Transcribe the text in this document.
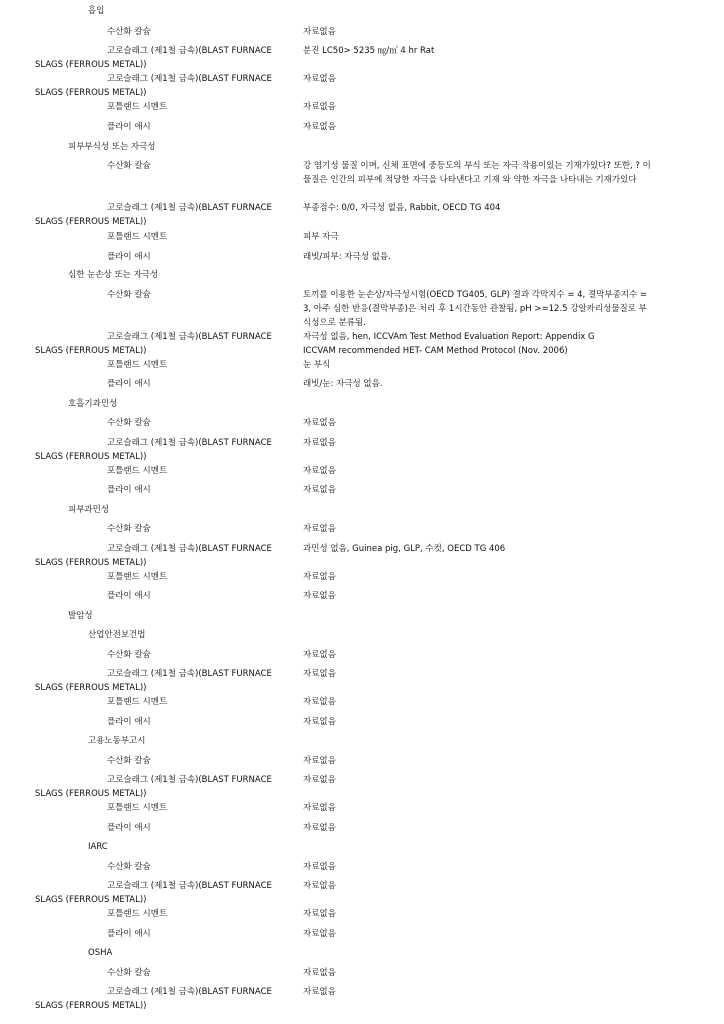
흡입
수산화 칼슘	자료없음
고로슬래그 (제1철 금속)(BLAST FURNACE	분진 LC50> 5235 ㎎/㎥ 4 hr Rat
SLAGS (FERROUS METAL))
고로슬래그 (제1철 금속)(BLAST FURNACE	자료없음
SLAGS (FERROUS METAL))
포틀랜드 시멘트	자료없음
플라이 애시	자료없음
피부부식성 또는 자극성
수산화 칼슘	강 염기성 물질 이며, 신체 표면에 중등도의 부식 또는 자극 작용이있는 기재가있다? 또한, ? 이 물질은 인간의 피부에 적당한 자극을 나타낸다고 기재 와 약한 자극을 나타내는 기재가있다
고로슬래그 (제1철 금속)(BLAST FURNACE	부종점수: 0/0, 자극성 없음, Rabbit, OECD TG 404
SLAGS (FERROUS METAL))
포틀랜드 시멘트	피부 자극
플라이 애시	래빗/피부: 자극성 없음.
심한 눈손상 또는 자극성
수산화 칼슘	토끼를 이용한 눈손상/자극성시험(OECD TG405, GLP) 결과 각막지수 = 4, 결막부종지수 = 3, 아주 심한 반응(결막부종)은 처리 후 1시간동안 관찰됨, pH >=12.5 강알카리성물질로 부식성으로 분류됨.
고로슬래그 (제1철 금속)(BLAST FURNACE	자극성 없음, hen, ICCVAm Test Method Evaluation Report: Appendix G
SLAGS (FERROUS METAL))	ICCVAM recommended HET- CAM Method Protocol (Nov. 2006)
포틀랜드 시멘트	눈 부식
플라이 애시	래빗/눈: 자극성 없음.
호흡기과민성
수산화 칼슘	자료없음
고로슬래그 (제1철 금속)(BLAST FURNACE	자료없음
SLAGS (FERROUS METAL))
포틀랜드 시멘트	자료없음
플라이 애시	자료없음
피부과민성
수산화 칼슘	자료없음
고로슬래그 (제1철 금속)(BLAST FURNACE	과민성 없음, Guinea pig, GLP, 수컷, OECD TG 406
SLAGS (FERROUS METAL))
포틀랜드 시멘트	자료없음
플라이 애시	자료없음
발암성
산업안전보건법
수산화 칼슘	자료없음
고로슬래그 (제1철 금속)(BLAST FURNACE	자료없음
SLAGS (FERROUS METAL))
포틀랜드 시멘트	자료없음
플라이 애시	자료없음
고용노동부고시
수산화 칼슘	자료없음
고로슬래그 (제1철 금속)(BLAST FURNACE	자료없음
SLAGS (FERROUS METAL))
포틀랜드 시멘트	자료없음
플라이 애시	자료없음
IARC
수산화 칼슘	자료없음
고로슬래그 (제1철 금속)(BLAST FURNACE	자료없음
SLAGS (FERROUS METAL))
포틀랜드 시멘트	자료없음
플라이 애시	자료없음
OSHA
수산화 칼슘	자료없음
고로슬래그 (제1철 금속)(BLAST FURNACE	자료없음
SLAGS (FERROUS METAL))
